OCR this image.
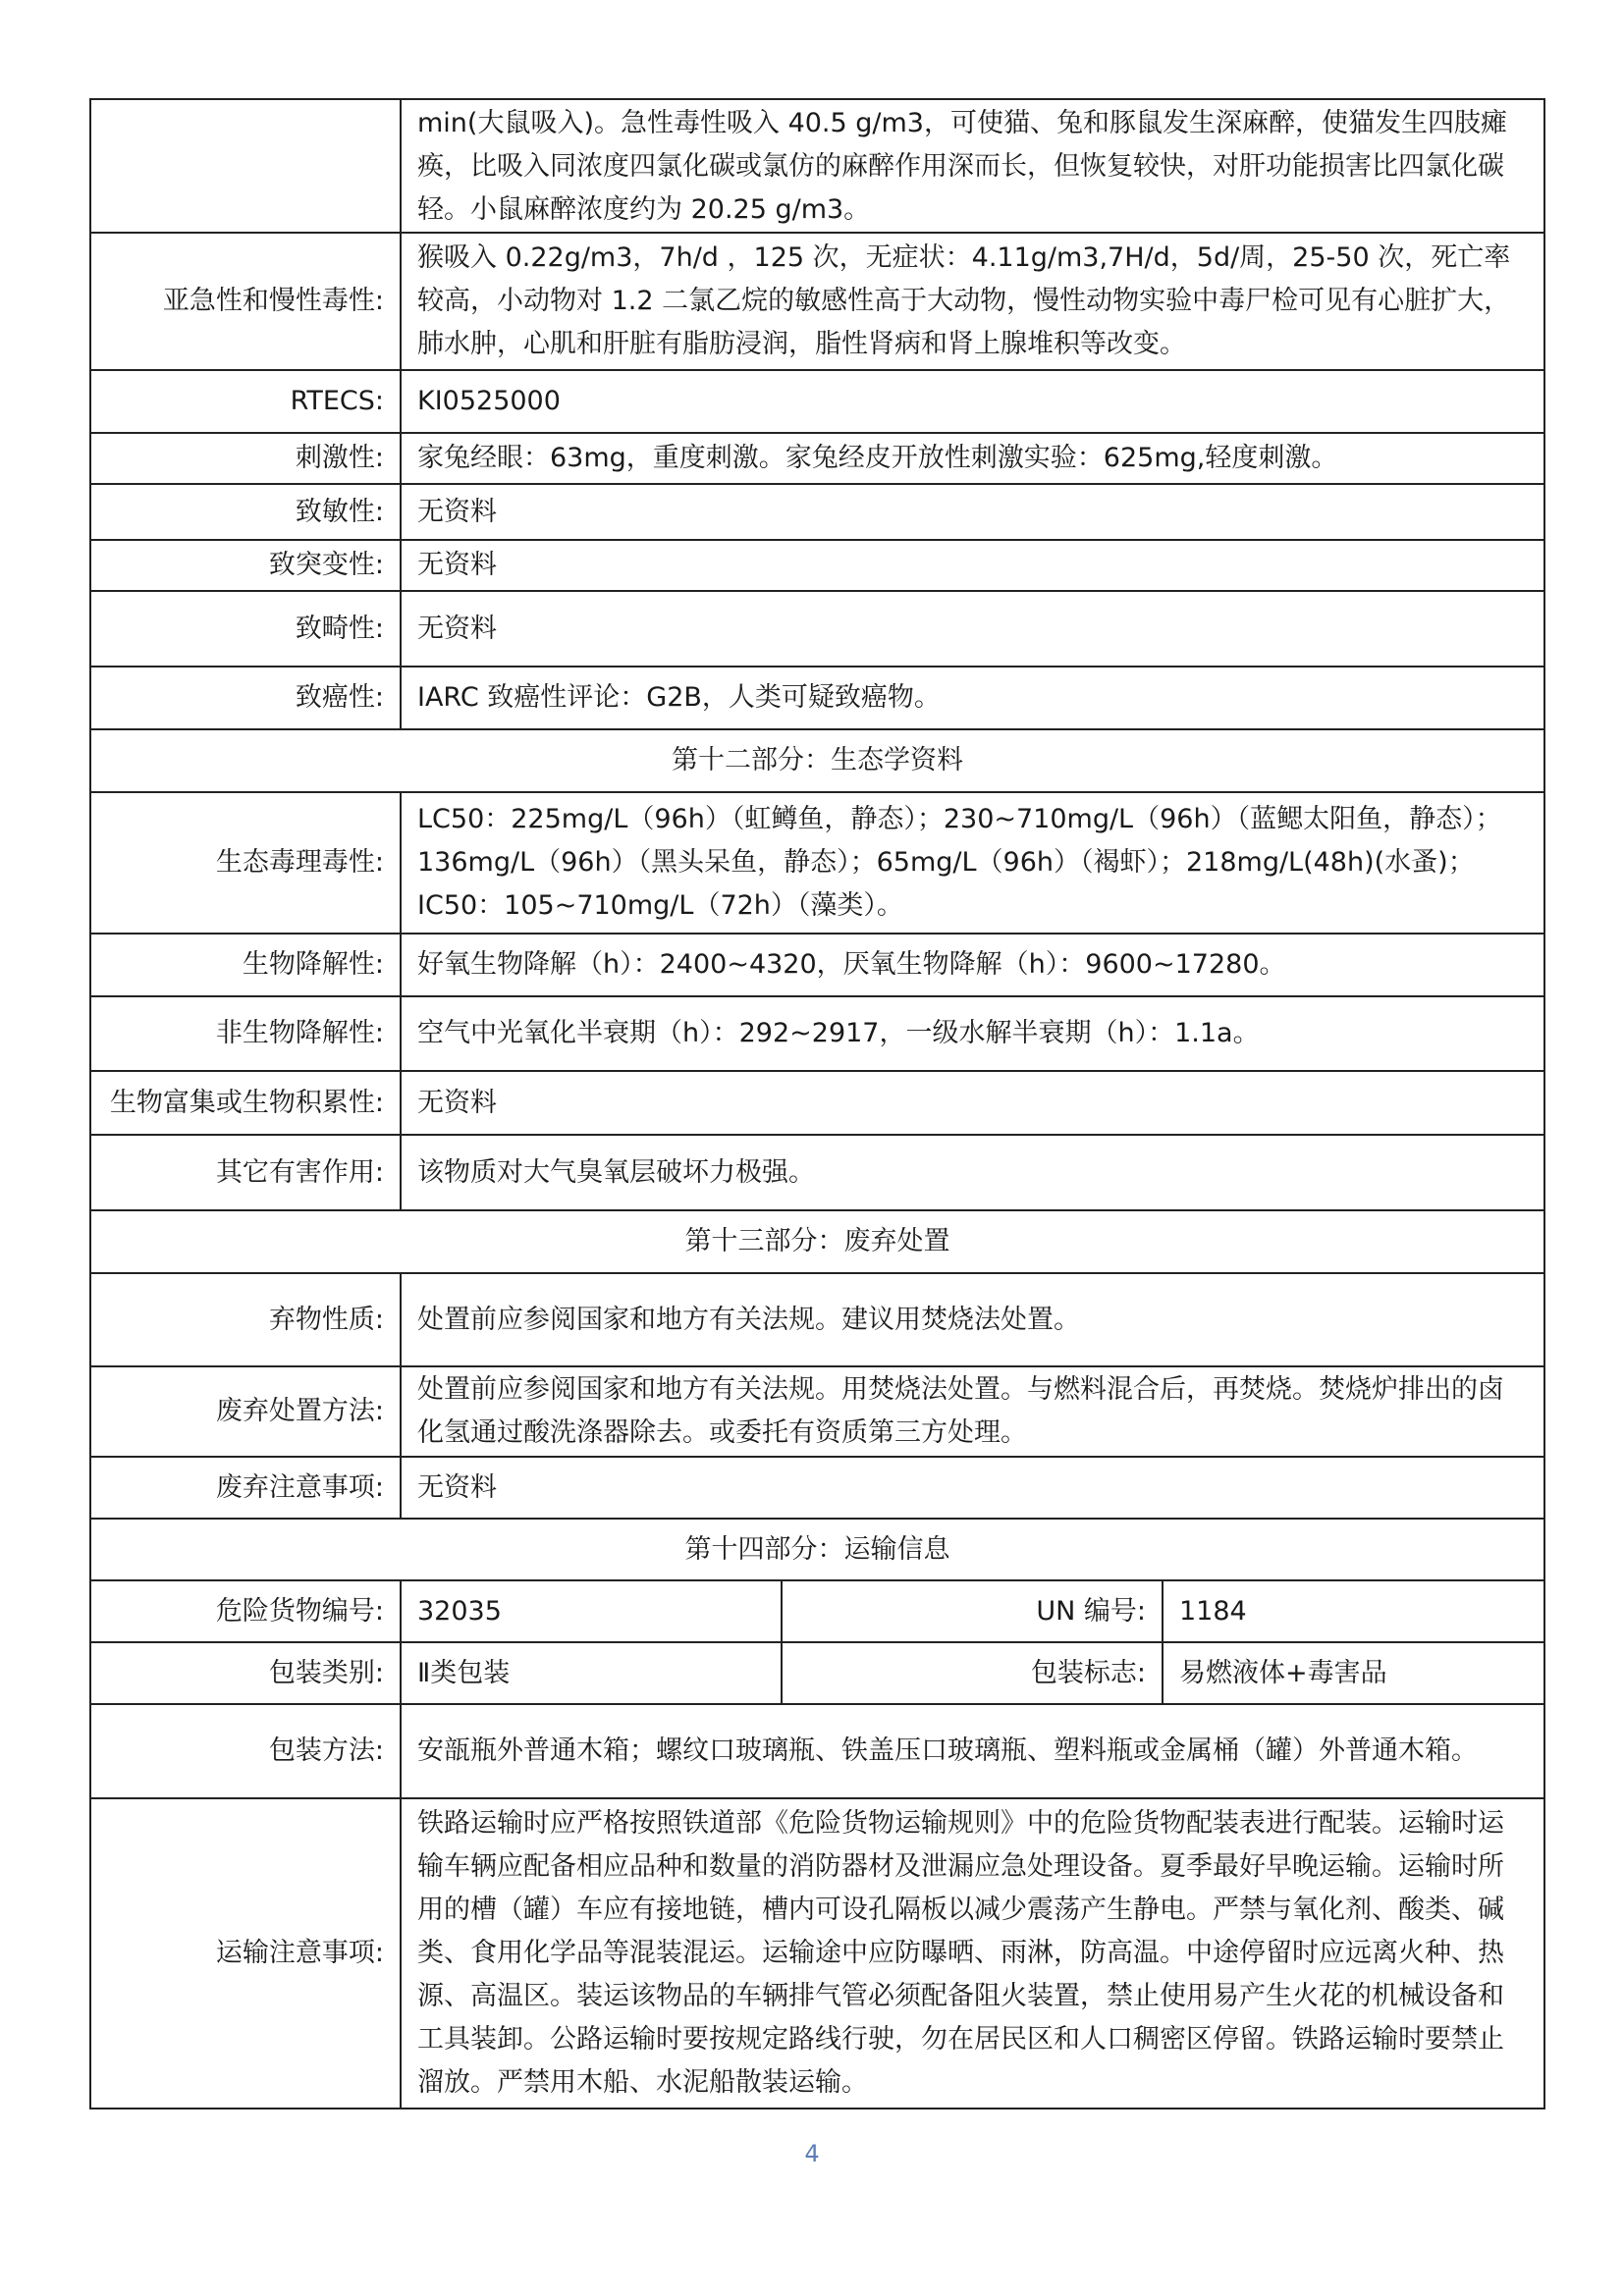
	min(大鼠吸入)。急性毒性吸入 40.5 g/m3，可使猫、兔和豚鼠发生深麻醉，使猫发生四肢瘫痪，比吸入同浓度四氯化碳或氯仿的麻醉作用深而长，但恢复较快，对肝功能损害比四氯化碳轻。小鼠麻醉浓度约为 20.25 g/m3。		
亚急性和慢性毒性:	猴吸入 0.22g/m3，7h/d ，125 次，无症状：4.11g/m3,7H/d，5d/周，25-50 次，死亡率较高，小动物对 1.2 二氯乙烷的敏感性高于大动物，慢性动物实验中毒尸检可见有心脏扩大，肺水肿，心肌和肝脏有脂肪浸润，脂性肾病和肾上腺堆积等改变。		
RTECS:	KI0525000		
刺激性:	家兔经眼：63mg，重度刺激。家兔经皮开放性刺激实验：625mg,轻度刺激。		
致敏性:	无资料		
致突变性:	无资料		
致畸性:	无资料		
致癌性:	IARC 致癌性评论：G2B，人类可疑致癌物。		
第十二部分：生态学资料			
生态毒理毒性:	LC50：225mg/L（96h）（虹鳟鱼，静态）；230~710mg/L（96h）（蓝鳃太阳鱼，静态）；136mg/L（96h）（黑头呆鱼，静态）；65mg/L（96h）（褐虾）；218mg/L(48h)(水蚤)；IC50：105~710mg/L（72h）（藻类）。		
生物降解性:	好氧生物降解（h）：2400~4320，厌氧生物降解（h）：9600~17280。		
非生物降解性:	空气中光氧化半衰期（h）：292~2917，一级水解半衰期（h）：1.1a。		
生物富集或生物积累性:	无资料		
其它有害作用:	该物质对大气臭氧层破坏力极强。		
第十三部分：废弃处置			
弃物性质:	处置前应参阅国家和地方有关法规。建议用焚烧法处置。		
废弃处置方法:	处置前应参阅国家和地方有关法规。用焚烧法处置。与燃料混合后，再焚烧。焚烧炉排出的卤化氢通过酸洗涤器除去。或委托有资质第三方处理。		
废弃注意事项:	无资料		
第十四部分：运输信息			
危险货物编号:	32035	UN 编号:	1184
包装类别:	Ⅱ类包装	包装标志:	易燃液体+毒害品
包装方法:	安瓿瓶外普通木箱；螺纹口玻璃瓶、铁盖压口玻璃瓶、塑料瓶或金属桶（罐）外普通木箱。		
运输注意事项:	铁路运输时应严格按照铁道部《危险货物运输规则》中的危险货物配装表进行配装。运输时运输车辆应配备相应品种和数量的消防器材及泄漏应急处理设备。夏季最好早晚运输。运输时所用的槽（罐）车应有接地链，槽内可设孔隔板以减少震荡产生静电。严禁与氧化剂、酸类、碱类、食用化学品等混装混运。运输途中应防曝晒、雨淋，防高温。中途停留时应远离火种、热源、高温区。装运该物品的车辆排气管必须配备阻火装置，禁止使用易产生火花的机械设备和工具装卸。公路运输时要按规定路线行驶，勿在居民区和人口稠密区停留。铁路运输时要禁止溜放。严禁用木船、水泥船散装运输。		
4
